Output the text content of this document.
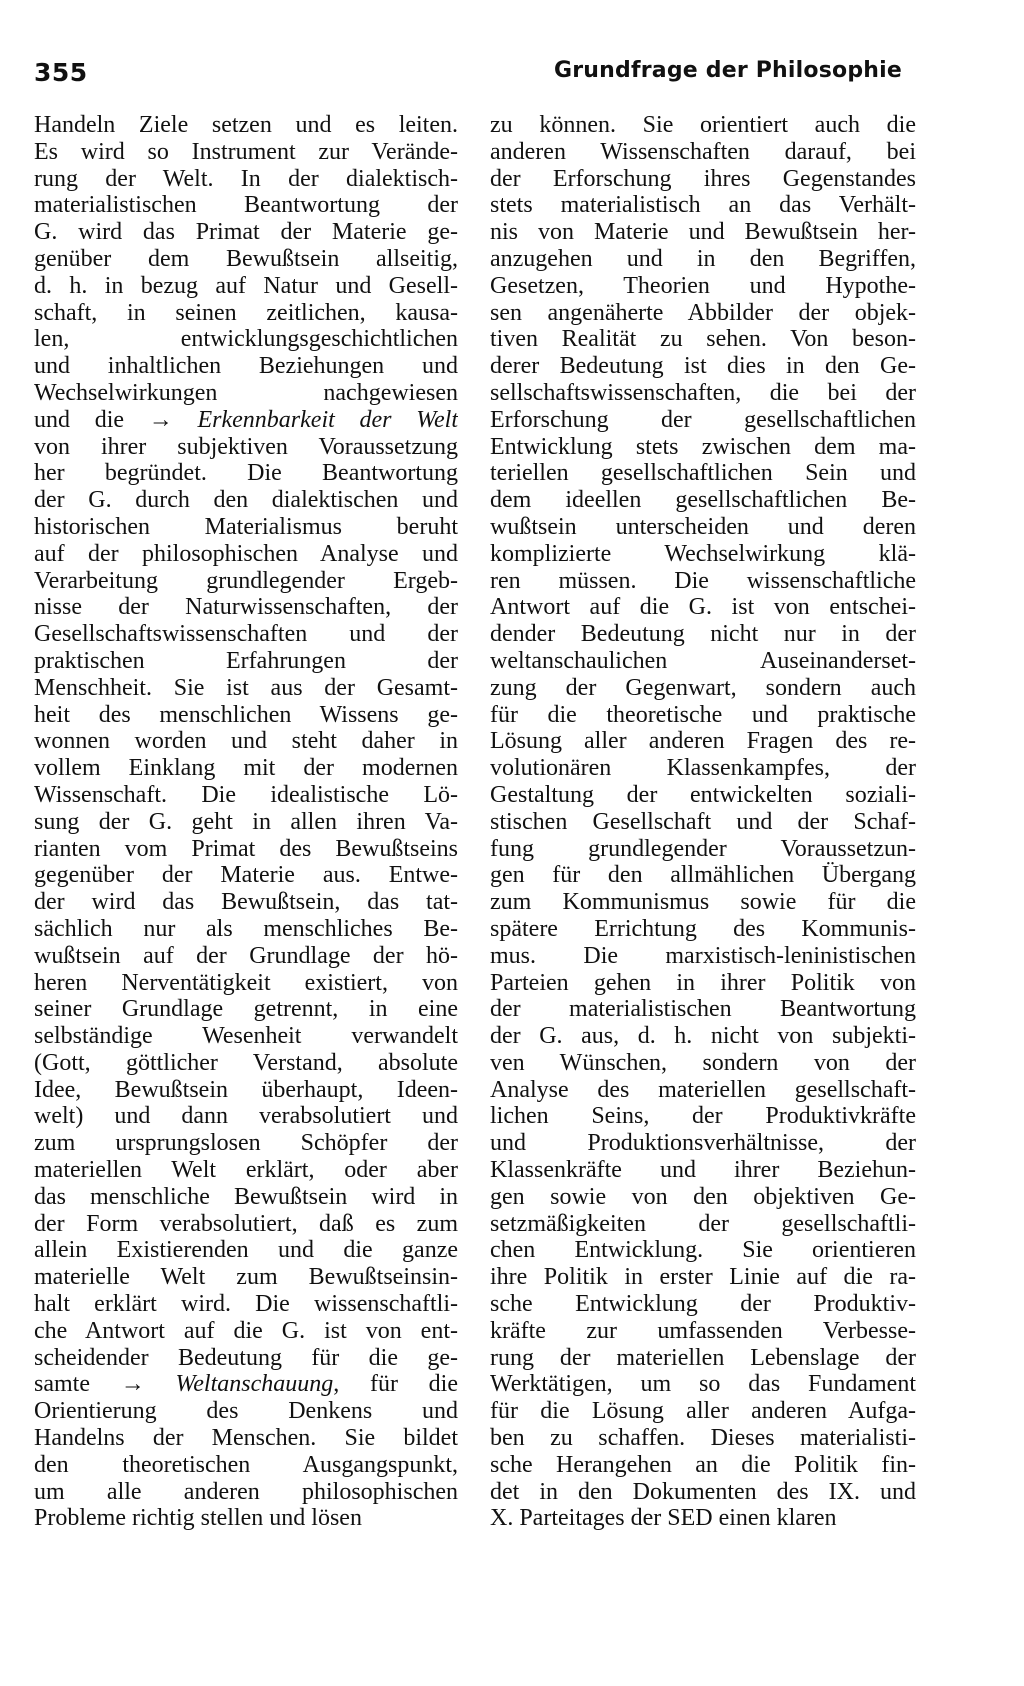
355	Grundfrage der Philosophie
Handeln Ziele setzen und es leiten.
Es wird so Instrument zur Verände-
rung der Welt. In der dialektisch-
materialistischen Beantwortung der
G. wird das Primat der Materie ge-
genüber dem Bewußtsein allseitig,
d. h. in bezug auf Natur und Gesell-
schaft, in seinen zeitlichen, kausa-
len, entwicklungsgeschichtlichen
und inhaltlichen Beziehungen und
Wechselwirkungen nachgewiesen
und die → Erkennbarkeit der Welt
von ihrer subjektiven Voraussetzung
her begründet. Die Beantwortung
der G. durch den dialektischen und
historischen Materialismus beruht
auf der philosophischen Analyse und
Verarbeitung grundlegender Ergeb-
nisse der Naturwissenschaften, der
Gesellschaftswissenschaften und der
praktischen Erfahrungen der
Menschheit. Sie ist aus der Gesamt-
heit des menschlichen Wissens ge-
wonnen worden und steht daher in
vollem Einklang mit der modernen
Wissenschaft. Die idealistische Lö-
sung der G. geht in allen ihren Va-
rianten vom Primat des Bewußtseins
gegenüber der Materie aus. Entwe-
der wird das Bewußtsein, das tat-
sächlich nur als menschliches Be-
wußtsein auf der Grundlage der hö-
heren Nerventätigkeit existiert, von
seiner Grundlage getrennt, in eine
selbständige Wesenheit verwandelt
(Gott, göttlicher Verstand, absolute
Idee, Bewußtsein überhaupt, Ideen-
welt) und dann verabsolutiert und
zum ursprungslosen Schöpfer der
materiellen Welt erklärt, oder aber
das menschliche Bewußtsein wird in
der Form verabsolutiert, daß es zum
allein Existierenden und die ganze
materielle Welt zum Bewußtseinsin-
halt erklärt wird. Die wissenschaftli-
che Antwort auf die G. ist von ent-
scheidender Bedeutung für die ge-
samte → Weltanschauung, für die
Orientierung des Denkens und
Handelns der Menschen. Sie bildet
den theoretischen Ausgangspunkt,
um alle anderen philosophischen
Probleme richtig stellen und lösen
zu können. Sie orientiert auch die
anderen Wissenschaften darauf, bei
der Erforschung ihres Gegenstandes
stets materialistisch an das Verhält-
nis von Materie und Bewußtsein her-
anzugehen und in den Begriffen,
Gesetzen, Theorien und Hypothe-
sen angenäherte Abbilder der objek-
tiven Realität zu sehen. Von beson-
derer Bedeutung ist dies in den Ge-
sellschaftswissenschaften, die bei der
Erforschung der gesellschaftlichen
Entwicklung stets zwischen dem ma-
teriellen gesellschaftlichen Sein und
dem ideellen gesellschaftlichen Be-
wußtsein unterscheiden und deren
komplizierte Wechselwirkung klä-
ren müssen. Die wissenschaftliche
Antwort auf die G. ist von entschei-
dender Bedeutung nicht nur in der
weltanschaulichen Auseinanderset-
zung der Gegenwart, sondern auch
für die theoretische und praktische
Lösung aller anderen Fragen des re-
volutionären Klassenkampfes, der
Gestaltung der entwickelten soziali-
stischen Gesellschaft und der Schaf-
fung grundlegender Voraussetzun-
gen für den allmählichen Übergang
zum Kommunismus sowie für die
spätere Errichtung des Kommunis-
mus. Die marxistisch-leninistischen
Parteien gehen in ihrer Politik von
der materialistischen Beantwortung
der G. aus, d. h. nicht von subjekti-
ven Wünschen, sondern von der
Analyse des materiellen gesellschaft-
lichen Seins, der Produktivkräfte
und Produktionsverhältnisse, der
Klassenkräfte und ihrer Beziehun-
gen sowie von den objektiven Ge-
setzmäßigkeiten der gesellschaftli-
chen Entwicklung. Sie orientieren
ihre Politik in erster Linie auf die ra-
sche Entwicklung der Produktiv-
kräfte zur umfassenden Verbesse-
rung der materiellen Lebenslage der
Werktätigen, um so das Fundament
für die Lösung aller anderen Aufga-
ben zu schaffen. Dieses materialisti-
sche Herangehen an die Politik fin-
det in den Dokumenten des IX. und
X. Parteitages der SED einen klaren
